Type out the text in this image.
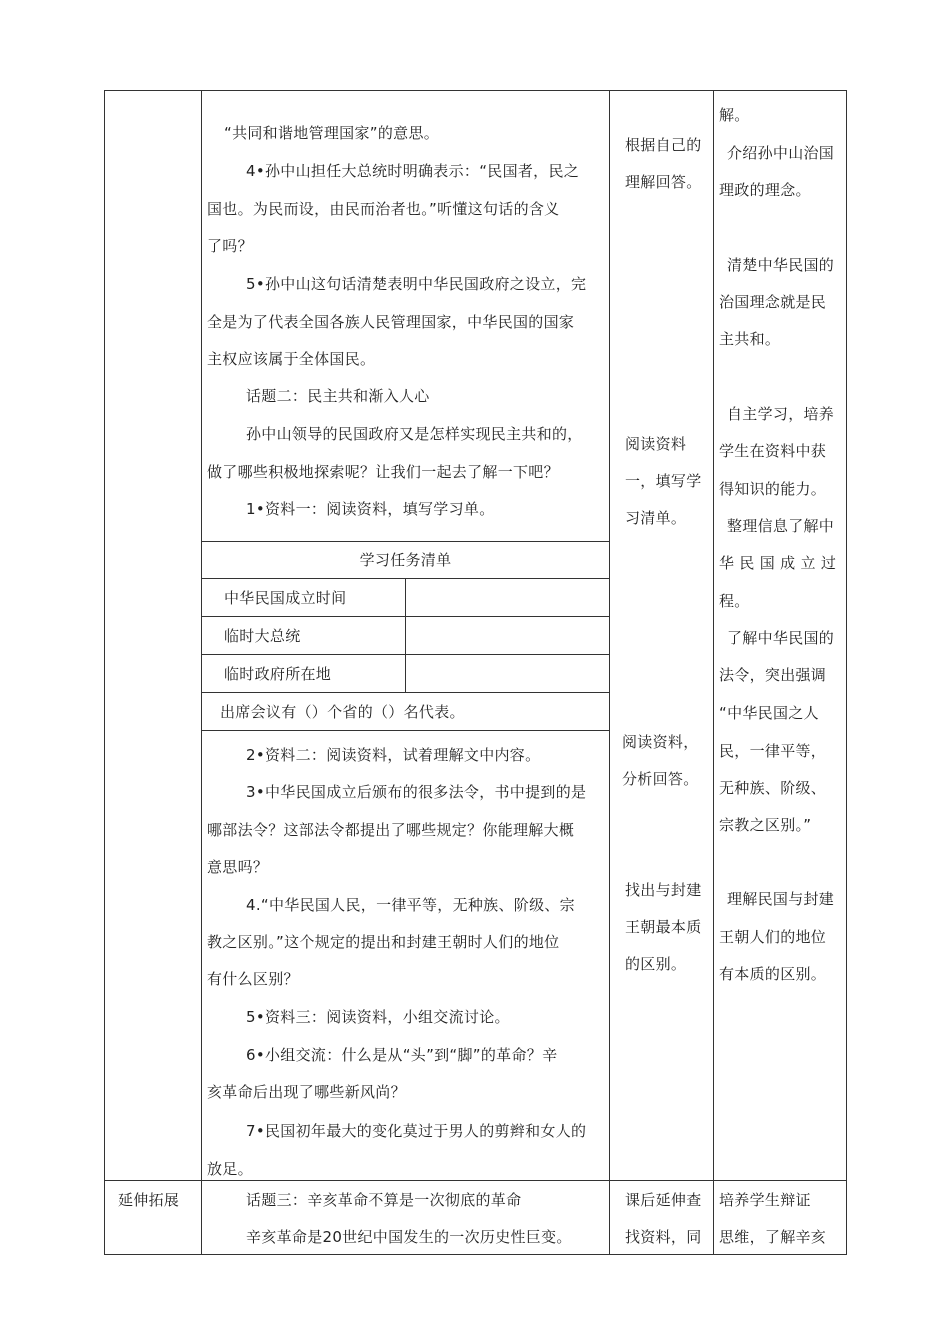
延伸拓展
“共同和谐地管理国家”的意思。
4•孙中山担任大总统时明确表示：“民国者，民之
国也。为民而设，由民而治者也。”听懂这句话的含义
了吗？
5•孙中山这句话清楚表明中华民国政府之设立，完
全是为了代表全国各族人民管理国家，中华民国的国家
主权应该属于全体国民。
话题二：民主共和渐入人心
孙中山领导的民国政府又是怎样实现民主共和的，
做了哪些积极地探索呢？让我们一起去了解一下吧？
1•资料一：阅读资料，填写学习单。
学习任务清单
中华民国成立时间
临时大总统
临时政府所在地
出席会议有（）个省的（）名代表。
2•资料二：阅读资料，试着理解文中内容。
3•中华民国成立后颁布的很多法令，书中提到的是
哪部法令？这部法令都提出了哪些规定？你能理解大概
意思吗？
4.“中华民国人民，一律平等，无种族、阶级、宗
教之区别。”这个规定的提出和封建王朝时人们的地位
有什么区别？
5•资料三：阅读资料，小组交流讨论。
6•小组交流：什么是从“头”到“脚”的革命？辛
亥革命后出现了哪些新风尚？
7•民国初年最大的变化莫过于男人的剪辫和女人的
放足。
话题三：辛亥革命不算是一次彻底的革命
辛亥革命是20世纪中国发生的一次历史性巨变。
根据自己的
理解回答。
阅读资料
一，填写学
习清单。
阅读资料，
分析回答。
找出与封建
王朝最本质
的区别。
课后延伸查
找资料，同
解。
介绍孙中山治国
理政的理念。
清楚中华民国的
治国理念就是民
主共和。
自主学习，培养
学生在资料中获
得知识的能力。
整理信息了解中
华 民 国 成 立 过
程。
了解中华民国的
法令，突出强调
“中华民国之人
民，一律平等，
无种族、阶级、
宗教之区别。”
理解民国与封建
王朝人们的地位
有本质的区别。
培养学生辩证
思维，了解辛亥
